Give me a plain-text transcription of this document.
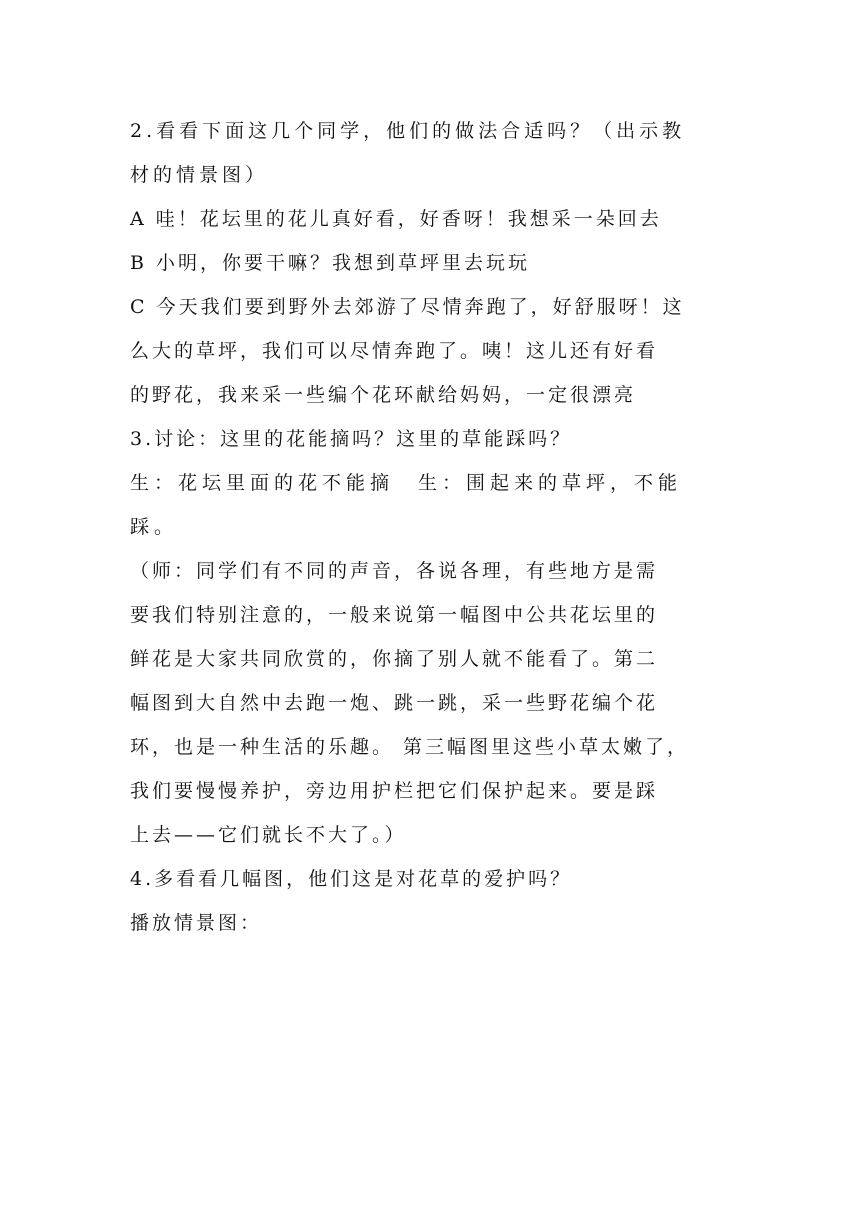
2.看看下面这几个同学，他们的做法合适吗？（出示教
材的情景图）
A 哇！花坛里的花儿真好看，好香呀！我想采一朵回去
B 小明，你要干嘛？我想到草坪里去玩玩
C 今天我们要到野外去郊游了尽情奔跑了，好舒服呀！这
么大的草坪，我们可以尽情奔跑了。咦！这儿还有好看
的野花，我来采一些编个花环献给妈妈，一定很漂亮
3.讨论：这里的花能摘吗？这里的草能踩吗？
生：花坛里面的花不能摘　生：围起来的草坪，不能
踩。
（师：同学们有不同的声音，各说各理，有些地方是需
要我们特别注意的，一般来说第一幅图中公共花坛里的
鲜花是大家共同欣赏的，你摘了别人就不能看了。第二
幅图到大自然中去跑一炮、跳一跳，采一些野花编个花
环，也是一种生活的乐趣。 第三幅图里这些小草太嫩了，
我们要慢慢养护，旁边用护栏把它们保护起来。要是踩
上去——它们就长不大了。）
4.多看看几幅图，他们这是对花草的爱护吗？
播放情景图：
